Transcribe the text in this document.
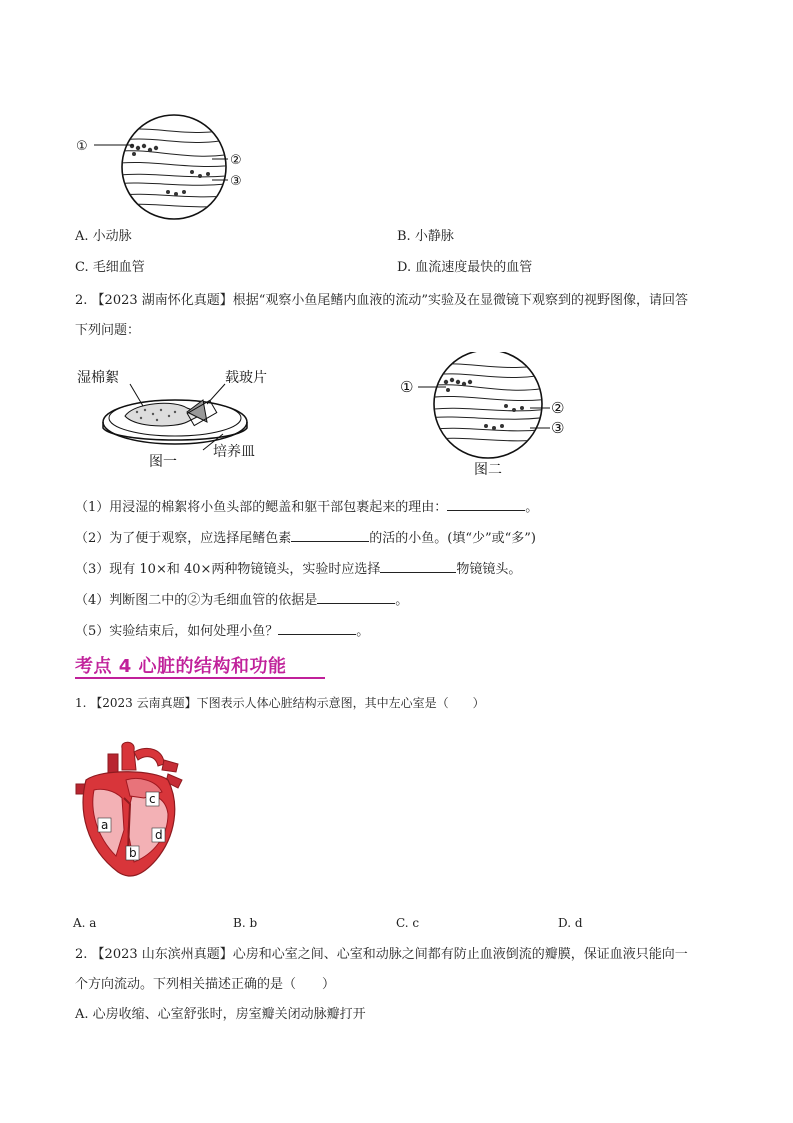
①
②
③
A. 小动脉	B. 小静脉
C. 毛细血管	D. 血流速度最快的血管
2. 【2023 湖南怀化真题】根据“观察小鱼尾鳍内血液的流动”实验及在显微镜下观察到的视野图像，请回答
下列问题：
湿棉絮	载玻片
培养皿
图一
①
②
③
图二
（1）用浸湿的棉絮将小鱼头部的鳃盖和躯干部包裹起来的理由：	。
（2）为了便于观察，应选择尾鳍色素	的活的小鱼。(填“少”或“多”)
（3）现有 10×和 40×两种物镜镜头，实验时应选择	物镜镜头。
（4）判断图二中的②为毛细血管的依据是	。
（5）实验结束后，如何处理小鱼？	。
考点 4 心脏的结构和功能
1. 【2023 云南真题】下图表示人体心脏结构示意图，其中左心室是（　　）
a
b
c
d
A. a	B. b	C. c	D. d
2. 【2023 山东滨州真题】心房和心室之间、心室和动脉之间都有防止血液倒流的瓣膜，保证血液只能向一
个方向流动。下列相关描述正确的是（　　）
A. 心房收缩、心室舒张时，房室瓣关闭动脉瓣打开
